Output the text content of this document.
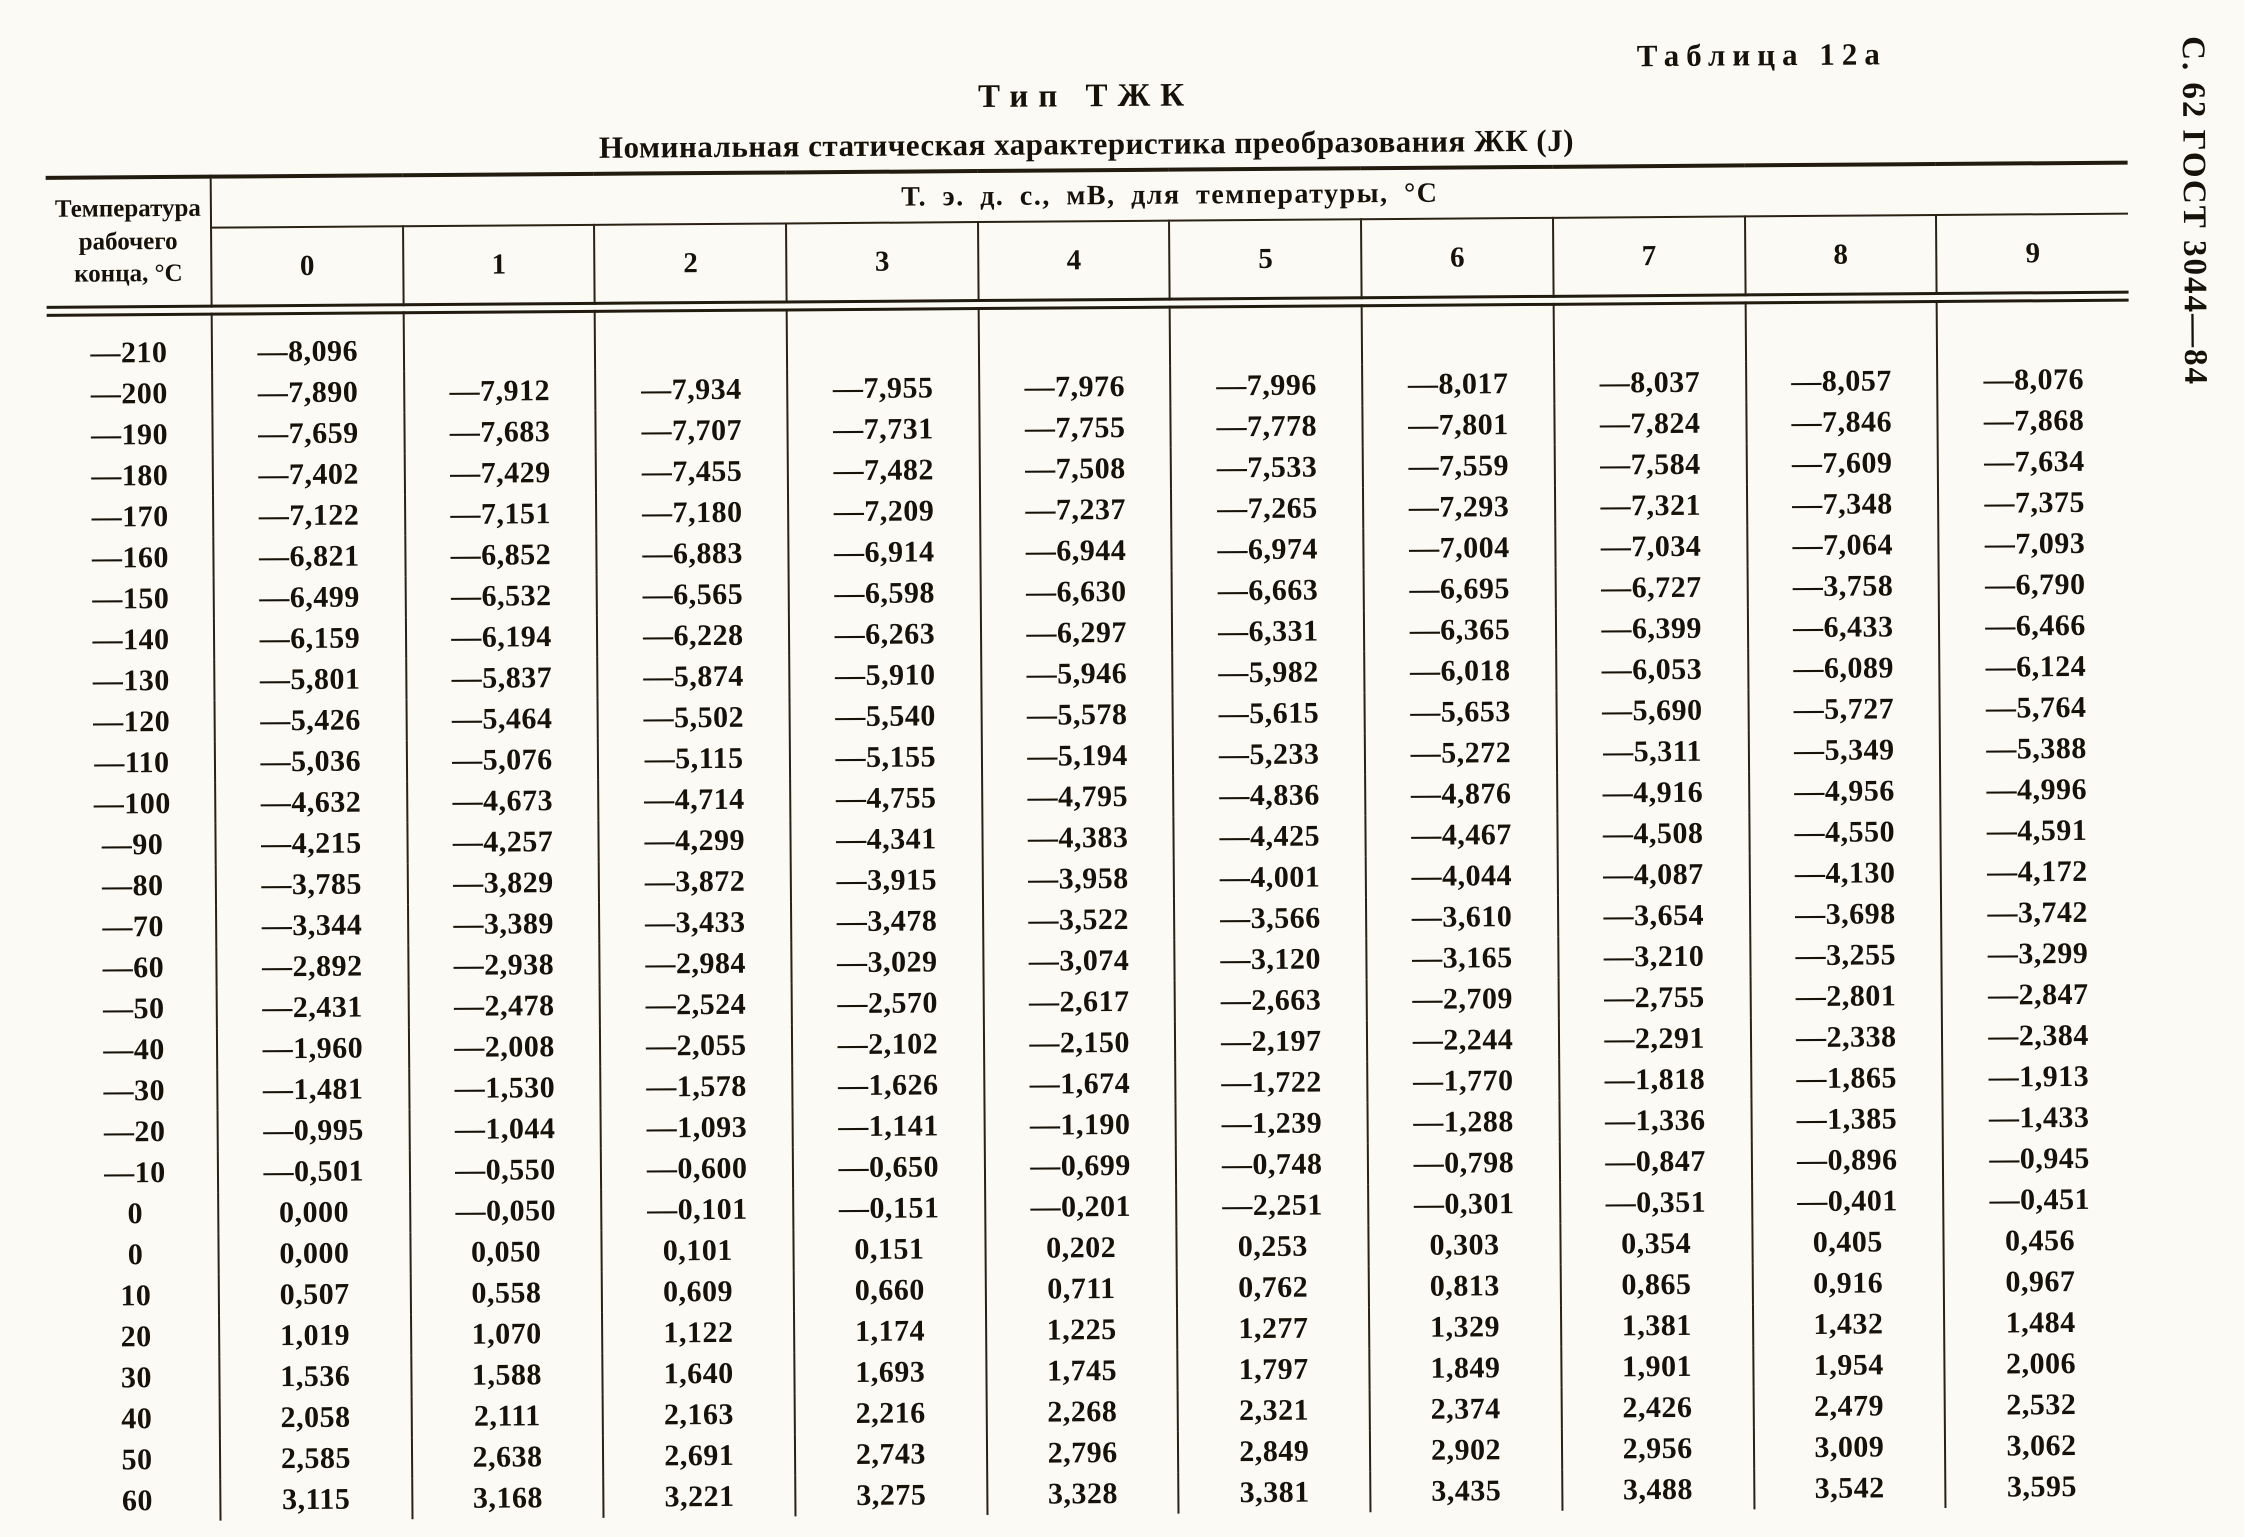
Таблица 12а	С. 62 ГОСТ 3044—84
Тип ТЖК
Номинальная статическая характеристика преобразования ЖК (J)
Температура рабочего конца, °С	Т. э. д. с., мВ, для температуры, °С									
	0	1	2	3	4	5	6	7	8	9

—210	—8,096									
—200	—7,890	—7,912	—7,934	—7,955	—7,976	—7,996	—8,017	—8,037	—8,057	—8,076
—190	—7,659	—7,683	—7,707	—7,731	—7,755	—7,778	—7,801	—7,824	—7,846	—7,868
—180	—7,402	—7,429	—7,455	—7,482	—7,508	—7,533	—7,559	—7,584	—7,609	—7,634
—170	—7,122	—7,151	—7,180	—7,209	—7,237	—7,265	—7,293	—7,321	—7,348	—7,375
—160	—6,821	—6,852	—6,883	—6,914	—6,944	—6,974	—7,004	—7,034	—7,064	—7,093
—150	—6,499	—6,532	—6,565	—6,598	—6,630	—6,663	—6,695	—6,727	—3,758	—6,790
—140	—6,159	—6,194	—6,228	—6,263	—6,297	—6,331	—6,365	—6,399	—6,433	—6,466
—130	—5,801	—5,837	—5,874	—5,910	—5,946	—5,982	—6,018	—6,053	—6,089	—6,124
—120	—5,426	—5,464	—5,502	—5,540	—5,578	—5,615	—5,653	—5,690	—5,727	—5,764
—110	—5,036	—5,076	—5,115	—5,155	—5,194	—5,233	—5,272	—5,311	—5,349	—5,388
—100	—4,632	—4,673	—4,714	—4,755	—4,795	—4,836	—4,876	—4,916	—4,956	—4,996
—90	—4,215	—4,257	—4,299	—4,341	—4,383	—4,425	—4,467	—4,508	—4,550	—4,591
—80	—3,785	—3,829	—3,872	—3,915	—3,958	—4,001	—4,044	—4,087	—4,130	—4,172
—70	—3,344	—3,389	—3,433	—3,478	—3,522	—3,566	—3,610	—3,654	—3,698	—3,742
—60	—2,892	—2,938	—2,984	—3,029	—3,074	—3,120	—3,165	—3,210	—3,255	—3,299
—50	—2,431	—2,478	—2,524	—2,570	—2,617	—2,663	—2,709	—2,755	—2,801	—2,847
—40	—1,960	—2,008	—2,055	—2,102	—2,150	—2,197	—2,244	—2,291	—2,338	—2,384
—30	—1,481	—1,530	—1,578	—1,626	—1,674	—1,722	—1,770	—1,818	—1,865	—1,913
—20	—0,995	—1,044	—1,093	—1,141	—1,190	—1,239	—1,288	—1,336	—1,385	—1,433
—10	—0,501	—0,550	—0,600	—0,650	—0,699	—0,748	—0,798	—0,847	—0,896	—0,945
0	0,000	—0,050	—0,101	—0,151	—0,201	—2,251	—0,301	—0,351	—0,401	—0,451
0	0,000	0,050	0,101	0,151	0,202	0,253	0,303	0,354	0,405	0,456
10	0,507	0,558	0,609	0,660	0,711	0,762	0,813	0,865	0,916	0,967
20	1,019	1,070	1,122	1,174	1,225	1,277	1,329	1,381	1,432	1,484
30	1,536	1,588	1,640	1,693	1,745	1,797	1,849	1,901	1,954	2,006
40	2,058	2,111	2,163	2,216	2,268	2,321	2,374	2,426	2,479	2,532
50	2,585	2,638	2,691	2,743	2,796	2,849	2,902	2,956	3,009	3,062
60	3,115	3,168	3,221	3,275	3,328	3,381	3,435	3,488	3,542	3,595
